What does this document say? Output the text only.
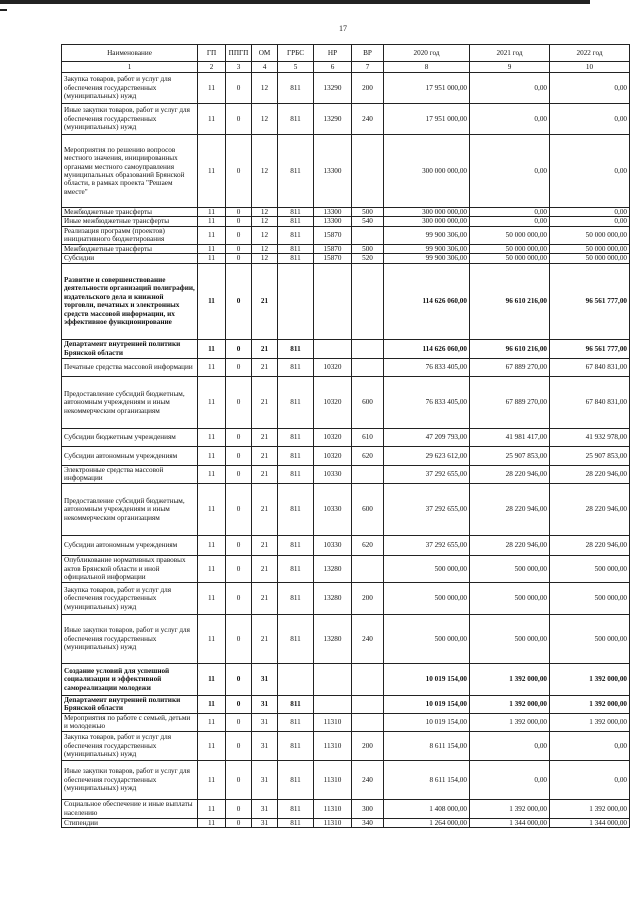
17
Наименование	ГП	ППГП	ОМ	ГРБС	НР	ВР	2020 год	2021 год	2022 год
1	2	3	4	5	6	7	8	9	10
Закупка товаров, работ и услуг для обеспечения государственных (муниципальных) нужд	11	0	12	811	13290	200	17 951 000,00	0,00	0,00
Иные закупки товаров, работ и услуг для обеспечения государственных (муниципальных) нужд	11	0	12	811	13290	240	17 951 000,00	0,00	0,00
Мероприятия по решению вопросов местного значения, инициированных органами местного самоуправления муниципальных образований Брянской области, в рамках проекта "Решаем вместе"	11	0	12	811	13300		300 000 000,00	0,00	0,00
Межбюджетные трансферты	11	0	12	811	13300	500	300 000 000,00	0,00	0,00
Иные межбюджетные трансферты	11	0	12	811	13300	540	300 000 000,00	0,00	0,00
Реализация программ (проектов) инициативного бюджетирования	11	0	12	811	15870		99 900 306,00	50 000 000,00	50 000 000,00
Межбюджетные трансферты	11	0	12	811	15870	500	99 900 306,00	50 000 000,00	50 000 000,00
Субсидии	11	0	12	811	15870	520	99 900 306,00	50 000 000,00	50 000 000,00
Развитие и совершенствование деятельности организаций полиграфии, издательского дела и книжной торговли, печатных и электронных средств массовой информации, их эффективное функционирование	11	0	21				114 626 060,00	96 610 216,00	96 561 777,00
Департамент внутренней политики Брянской области	11	0	21	811			114 626 060,00	96 610 216,00	96 561 777,00
Печатные средства массовой информации	11	0	21	811	10320		76 833 405,00	67 889 270,00	67 840 831,00
Предоставление субсидий бюджетным, автономным учреждениям и иным некоммерческим организациям	11	0	21	811	10320	600	76 833 405,00	67 889 270,00	67 840 831,00
Субсидии бюджетным учреждениям	11	0	21	811	10320	610	47 209 793,00	41 981 417,00	41 932 978,00
Субсидии автономным учреждениям	11	0	21	811	10320	620	29 623 612,00	25 907 853,00	25 907 853,00
Электронные средства массовой информации	11	0	21	811	10330		37 292 655,00	28 220 946,00	28 220 946,00
Предоставление субсидий бюджетным, автономным учреждениям и иным некоммерческим организациям	11	0	21	811	10330	600	37 292 655,00	28 220 946,00	28 220 946,00
Субсидии автономным учреждениям	11	0	21	811	10330	620	37 292 655,00	28 220 946,00	28 220 946,00
Опубликование нормативных правовых актов Брянской области и иной официальной информации	11	0	21	811	13280		500 000,00	500 000,00	500 000,00
Закупка товаров, работ и услуг для обеспечения государственных (муниципальных) нужд	11	0	21	811	13280	200	500 000,00	500 000,00	500 000,00
Иные закупки товаров, работ и услуг для обеспечения государственных (муниципальных) нужд	11	0	21	811	13280	240	500 000,00	500 000,00	500 000,00
Создание условий для успешной социализации и эффективной самореализации молодежи	11	0	31				10 019 154,00	1 392 000,00	1 392 000,00
Департамент внутренней политики Брянской области	11	0	31	811			10 019 154,00	1 392 000,00	1 392 000,00
Мероприятия по работе с семьей, детьми и молодежью	11	0	31	811	11310		10 019 154,00	1 392 000,00	1 392 000,00
Закупка товаров, работ и услуг для обеспечения государственных (муниципальных) нужд	11	0	31	811	11310	200	8 611 154,00	0,00	0,00
Иные закупки товаров, работ и услуг для обеспечения государственных (муниципальных) нужд	11	0	31	811	11310	240	8 611 154,00	0,00	0,00
Социальное обеспечение и иные выплаты населению	11	0	31	811	11310	300	1 408 000,00	1 392 000,00	1 392 000,00
Стипендии	11	0	31	811	11310	340	1 264 000,00	1 344 000,00	1 344 000,00
